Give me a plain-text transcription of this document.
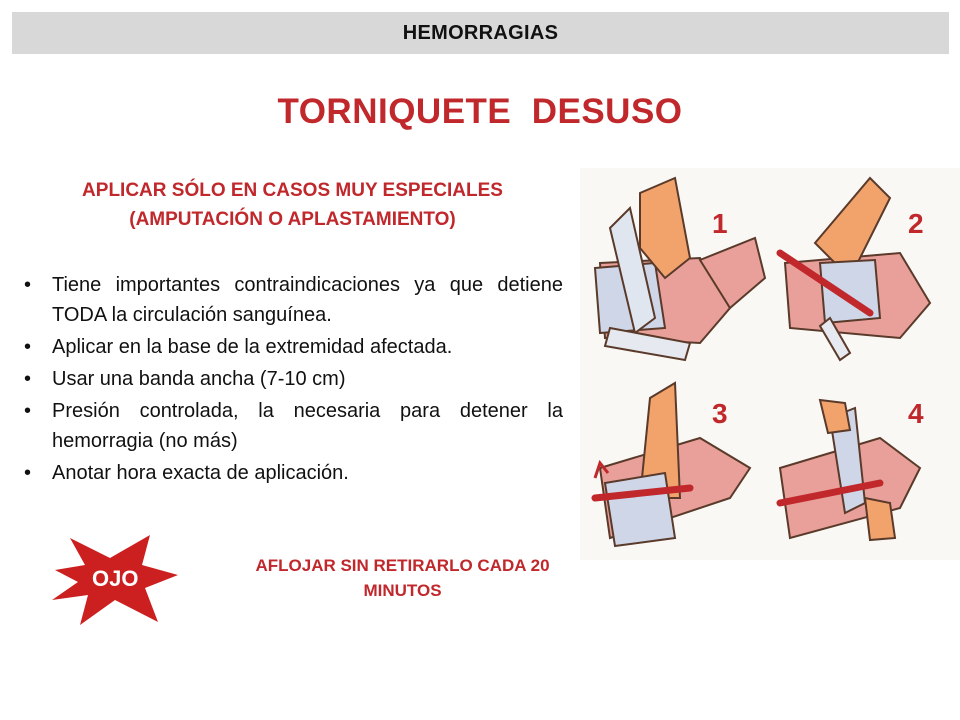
HEMORRAGIAS
TORNIQUETE  DESUSO
APLICAR SÓLO EN CASOS MUY ESPECIALES
(AMPUTACIÓN O APLASTAMIENTO)
• Tiene importantes contraindicaciones ya que detiene TODA la circulación sanguínea.
• Aplicar en la base de la extremidad afectada.
• Usar una banda ancha (7-10 cm)
• Presión controlada, la necesaria para detener la hemorragia (no más)
• Anotar hora exacta de aplicación.
1	2
3	4
OJO
AFLOJAR SIN RETIRARLO CADA 20 MINUTOS
